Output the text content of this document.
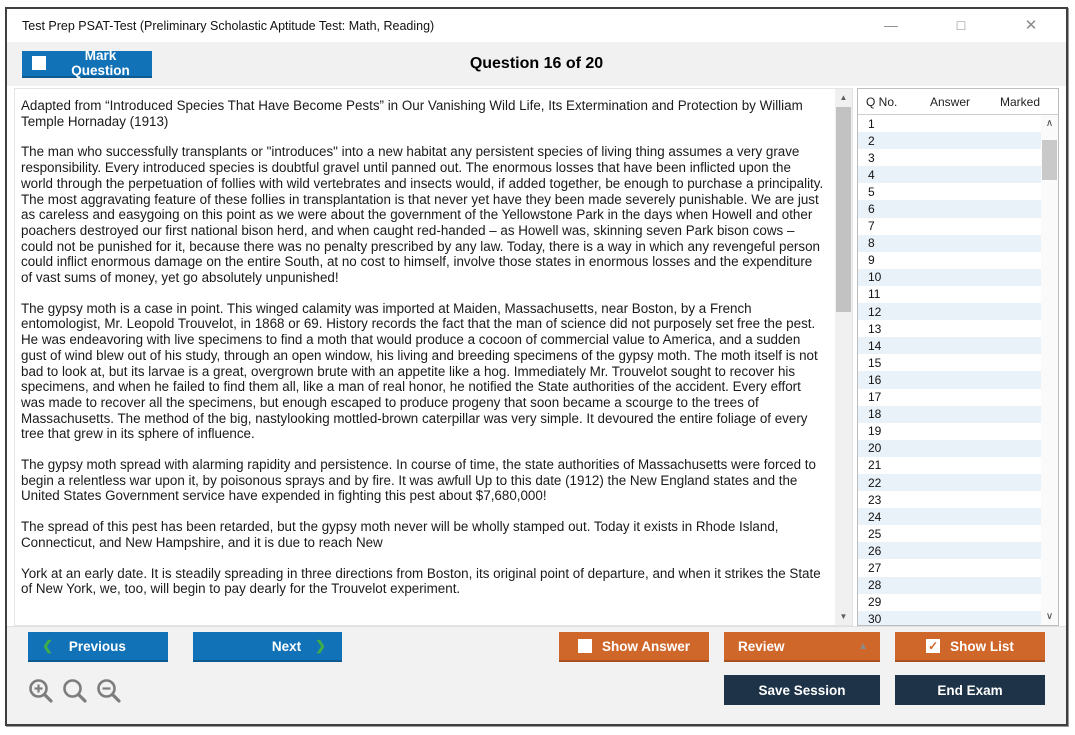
Test Prep PSAT-Test (Preliminary Scholastic Aptitude Test: Math, Reading)	—	□	✕
Question 16 of 20
Mark Question

Adapted from “Introduced Species That Have Become Pests” in Our Vanishing Wild Life, Its Extermination and Protection by William Temple Hornaday (1913)

The man who successfully transplants or "introduces" into a new habitat any persistent species of living thing assumes a very grave responsibility. Every introduced species is doubtful gravel until panned out. The enormous losses that have been inflicted upon the world through the perpetuation of follies with wild vertebrates and insects would, if added together, be enough to purchase a principality. The most aggravating feature of these follies in transplantation is that never yet have they been made severely punishable. We are just as careless and easygoing on this point as we were about the government of the Yellowstone Park in the days when Howell and other poachers destroyed our first national bison herd, and when caught red-handed – as Howell was, skinning seven Park bison cows – could not be punished for it, because there was no penalty prescribed by any law. Today, there is a way in which any revengeful person could inflict enormous damage on the entire South, at no cost to himself, involve those states in enormous losses and the expenditure of vast sums of money, yet go absolutely unpunished!

The gypsy moth is a case in point. This winged calamity was imported at Maiden, Massachusetts, near Boston, by a French entomologist, Mr. Leopold Trouvelot, in 1868 or 69. History records the fact that the man of science did not purposely set free the pest. He was endeavoring with live specimens to find a moth that would produce a cocoon of commercial value to America, and a sudden gust of wind blew out of his study, through an open window, his living and breeding specimens of the gypsy moth. The moth itself is not bad to look at, but its larvae is a great, overgrown brute with an appetite like a hog. Immediately Mr. Trouvelot sought to recover his specimens, and when he failed to find them all, like a man of real honor, he notified the State authorities of the accident. Every effort was made to recover all the specimens, but enough escaped to produce progeny that soon became a scourge to the trees of Massachusetts. The method of the big, nastylooking mottled-brown caterpillar was very simple. It devoured the entire foliage of every tree that grew in its sphere of influence.

The gypsy moth spread with alarming rapidity and persistence. In course of time, the state authorities of Massachusetts were forced to begin a relentless war upon it, by poisonous sprays and by fire. It was awfull Up to this date (1912) the New England states and the United States Government service have expended in fighting this pest about $7,680,000!

The spread of this pest has been retarded, but the gypsy moth never will be wholly stamped out. Today it exists in Rhode Island, Connecticut, and New Hampshire, and it is due to reach New

York at an early date. It is steadily spreading in three directions from Boston, its original point of departure, and when it strikes the State of New York, we, too, will begin to pay dearly for the Trouvelot experiment.

▲
▼
Q No.	Answer	Marked
1
2
3
4
5
6
7
8
9
10
11
12
13
14
15
16
17
18
19
20
21
22
23
24
25
26
27
28
29
30
∧
∨
❮ Previous	Next ❯	Show Answer	Review	▲	✓ Show List
Save Session	End Exam
